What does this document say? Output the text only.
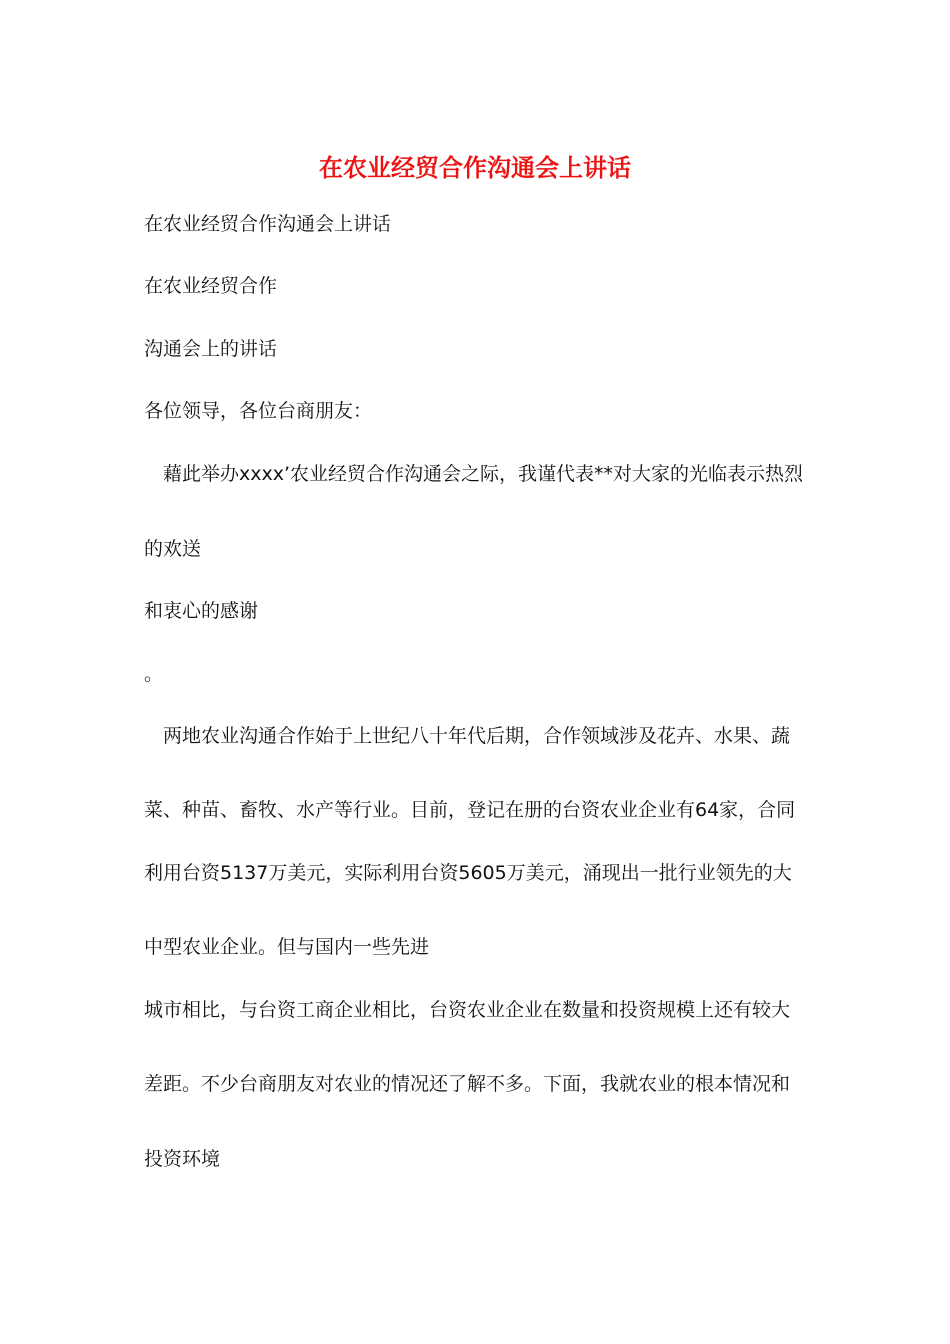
在农业经贸合作沟通会上讲话
在农业经贸合作沟通会上讲话
在农业经贸合作
沟通会上的讲话
各位领导，各位台商朋友：
藉此举办xxxx’农业经贸合作沟通会之际，我谨代表**对大家的光临表示热烈
的欢送
和衷心的感谢
。
两地农业沟通合作始于上世纪八十年代后期，合作领域涉及花卉、水果、蔬
菜、种苗、畜牧、水产等行业。目前，登记在册的台资农业企业有64家，合同
利用台资5137万美元，实际利用台资5605万美元，涌现出一批行业领先的大
中型农业企业。但与国内一些先进
城市相比，与台资工商企业相比，台资农业企业在数量和投资规模上还有较大
差距。不少台商朋友对农业的情况还了解不多。下面，我就农业的根本情况和
投资环境
